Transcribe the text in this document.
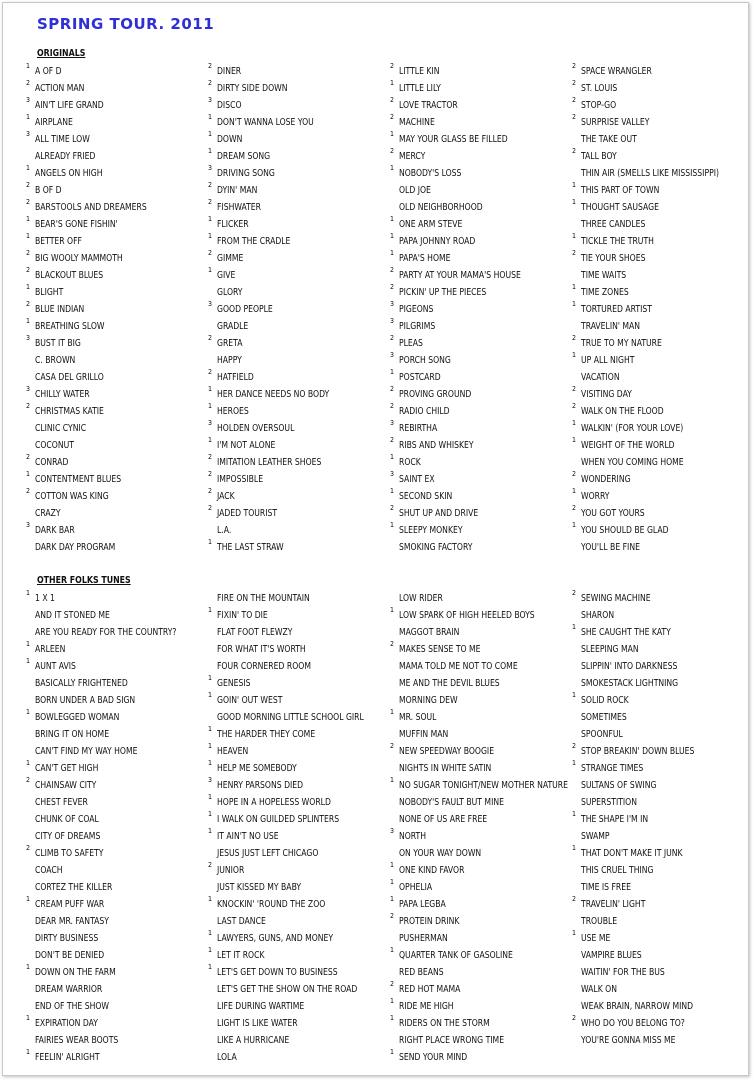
SPRING TOUR. 2011
ORIGINALS
OTHER FOLKS TUNES
1 A OF D
2 ACTION MAN
3 AIN'T LIFE GRAND
1 AIRPLANE
3 ALL TIME LOW
ALREADY FRIED
1 ANGELS ON HIGH
2 B OF D
2 BARSTOOLS AND DREAMERS
1 BEAR'S GONE FISHIN'
1 BETTER OFF
2 BIG WOOLY MAMMOTH
2 BLACKOUT BLUES
1 BLIGHT
2 BLUE INDIAN
1 BREATHING SLOW
3 BUST IT BIG
C. BROWN
CASA DEL GRILLO
3 CHILLY WATER
2 CHRISTMAS KATIE
CLINIC CYNIC
COCONUT
2 CONRAD
1 CONTENTMENT BLUES
2 COTTON WAS KING
CRAZY
3 DARK BAR
DARK DAY PROGRAM
2 DINER
2 DIRTY SIDE DOWN
3 DISCO
1 DON'T WANNA LOSE YOU
1 DOWN
1 DREAM SONG
3 DRIVING SONG
2 DYIN' MAN
2 FISHWATER
1 FLICKER
1 FROM THE CRADLE
2 GIMME
1 GIVE
GLORY
3 GOOD PEOPLE
GRADLE
2 GRETA
HAPPY
2 HATFIELD
1 HER DANCE NEEDS NO BODY
1 HEROES
3 HOLDEN OVERSOUL
1 I'M NOT ALONE
2 IMITATION LEATHER SHOES
2 IMPOSSIBLE
2 JACK
2 JADED TOURIST
L.A.
1 THE LAST STRAW
2 LITTLE KIN
1 LITTLE LILY
2 LOVE TRACTOR
2 MACHINE
1 MAY YOUR GLASS BE FILLED
2 MERCY
1 NOBODY'S LOSS
OLD JOE
OLD NEIGHBORHOOD
1 ONE ARM STEVE
1 PAPA JOHNNY ROAD
1 PAPA'S HOME
2 PARTY AT YOUR MAMA'S HOUSE
2 PICKIN' UP THE PIECES
3 PIGEONS
3 PILGRIMS
2 PLEAS
3 PORCH SONG
1 POSTCARD
2 PROVING GROUND
2 RADIO CHILD
3 REBIRTHA
2 RIBS AND WHISKEY
1 ROCK
3 SAINT EX
1 SECOND SKIN
2 SHUT UP AND DRIVE
1 SLEEPY MONKEY
SMOKING FACTORY
2 SPACE WRANGLER
2 ST. LOUIS
2 STOP-GO
2 SURPRISE VALLEY
THE TAKE OUT
2 TALL BOY
THIN AIR (SMELLS LIKE MISSISSIPPI)
1 THIS PART OF TOWN
1 THOUGHT SAUSAGE
THREE CANDLES
1 TICKLE THE TRUTH
2 TIE YOUR SHOES
TIME WAITS
1 TIME ZONES
1 TORTURED ARTIST
TRAVELIN' MAN
2 TRUE TO MY NATURE
1 UP ALL NIGHT
VACATION
2 VISITING DAY
2 WALK ON THE FLOOD
1 WALKIN' (FOR YOUR LOVE)
1 WEIGHT OF THE WORLD
WHEN YOU COMING HOME
2 WONDERING
1 WORRY
2 YOU GOT YOURS
1 YOU SHOULD BE GLAD
YOU'LL BE FINE
1 1 X 1
AND IT STONED ME
ARE YOU READY FOR THE COUNTRY?
1 ARLEEN
1 AUNT AVIS
BASICALLY FRIGHTENED
BORN UNDER A BAD SIGN
1 BOWLEGGED WOMAN
BRING IT ON HOME
CAN'T FIND MY WAY HOME
1 CAN'T GET HIGH
2 CHAINSAW CITY
CHEST FEVER
CHUNK OF COAL
CITY OF DREAMS
2 CLIMB TO SAFETY
COACH
CORTEZ THE KILLER
1 CREAM PUFF WAR
DEAR MR. FANTASY
DIRTY BUSINESS
DON'T BE DENIED
1 DOWN ON THE FARM
DREAM WARRIOR
END OF THE SHOW
1 EXPIRATION DAY
FAIRIES WEAR BOOTS
1 FEELIN' ALRIGHT
FIRE ON THE MOUNTAIN
1 FIXIN' TO DIE
FLAT FOOT FLEWZY
FOR WHAT IT'S WORTH
FOUR CORNERED ROOM
1 GENESIS
1 GOIN' OUT WEST
GOOD MORNING LITTLE SCHOOL GIRL
1 THE HARDER THEY COME
1 HEAVEN
1 HELP ME SOMEBODY
3 HENRY PARSONS DIED
1 HOPE IN A HOPELESS WORLD
1 I WALK ON GUILDED SPLINTERS
1 IT AIN'T NO USE
JESUS JUST LEFT CHICAGO
2 JUNIOR
JUST KISSED MY BABY
1 KNOCKIN' 'ROUND THE ZOO
LAST DANCE
1 LAWYERS, GUNS, AND MONEY
1 LET IT ROCK
1 LET'S GET DOWN TO BUSINESS
LET'S GET THE SHOW ON THE ROAD
LIFE DURING WARTIME
LIGHT IS LIKE WATER
LIKE A HURRICANE
LOLA
LOW RIDER
1 LOW SPARK OF HIGH HEELED BOYS
MAGGOT BRAIN
2 MAKES SENSE TO ME
MAMA TOLD ME NOT TO COME
ME AND THE DEVIL BLUES
MORNING DEW
1 MR. SOUL
MUFFIN MAN
2 NEW SPEEDWAY BOOGIE
NIGHTS IN WHITE SATIN
1 NO SUGAR TONIGHT/NEW MOTHER NATURE
NOBODY'S FAULT BUT MINE
NONE OF US ARE FREE
3 NORTH
ON YOUR WAY DOWN
1 ONE KIND FAVOR
1 OPHELIA
1 PAPA LEGBA
2 PROTEIN DRINK
PUSHERMAN
1 QUARTER TANK OF GASOLINE
RED BEANS
2 RED HOT MAMA
1 RIDE ME HIGH
1 RIDERS ON THE STORM
RIGHT PLACE WRONG TIME
1 SEND YOUR MIND
2 SEWING MACHINE
SHARON
1 SHE CAUGHT THE KATY
SLEEPING MAN
SLIPPIN' INTO DARKNESS
SMOKESTACK LIGHTNING
1 SOLID ROCK
SOMETIMES
SPOONFUL
2 STOP BREAKIN' DOWN BLUES
1 STRANGE TIMES
SULTANS OF SWING
SUPERSTITION
1 THE SHAPE I'M IN
SWAMP
1 THAT DON'T MAKE IT JUNK
THIS CRUEL THING
TIME IS FREE
2 TRAVELIN' LIGHT
TROUBLE
1 USE ME
VAMPIRE BLUES
WAITIN' FOR THE BUS
WALK ON
WEAK BRAIN, NARROW MIND
2 WHO DO YOU BELONG TO?
YOU'RE GONNA MISS ME
